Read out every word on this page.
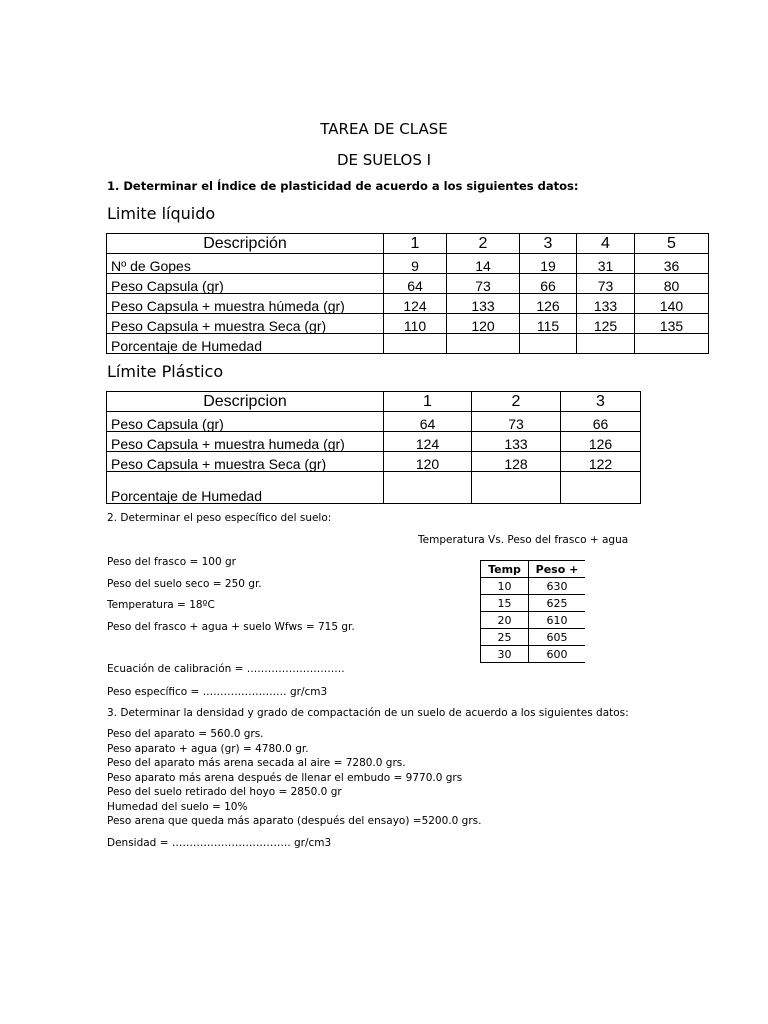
TAREA DE CLASE
DE SUELOS I
1. Determinar el Índice de plasticidad de acuerdo a los siguientes datos:
Limite líquido
Descripción	1	2	3	4	5
Nº de Gopes	9	14	19	31	36
Peso Capsula (gr)	64	73	66	73	80
Peso Capsula + muestra húmeda (gr)	124	133	126	133	140
Peso Capsula + muestra Seca (gr)	110	120	115	125	135
Porcentaje de Humedad					
Límite Plástico
Descripcion	1	2	3
Peso Capsula (gr)	64	73	66
Peso Capsula + muestra humeda (gr)	124	133	126
Peso Capsula + muestra Seca (gr)	120	128	122
Porcentaje de Humedad			
2. Determinar el peso específico del suelo:
Temperatura Vs. Peso del frasco + agua
Peso del frasco = 100 gr
Peso del suelo seco = 250 gr.
Temperatura = 18ºC
Peso del frasco + agua + suelo Wfws = 715 gr.
Ecuación de calibración = ……………………….
Peso específico = …………………… gr/cm3
Temp	Peso +
10	630
15	625
20	610
25	605
30	600
3. Determinar la densidad y grado de compactación de un suelo de acuerdo a los siguientes datos:
Peso del aparato = 560.0 grs.
Peso aparato + agua (gr) = 4780.0 gr.
Peso del aparato más arena secada al aire = 7280.0 grs.
Peso aparato más arena después de llenar el embudo = 9770.0 grs
Peso del suelo retirado del hoyo = 2850.0 gr
Humedad del suelo = 10%
Peso arena que queda más aparato (después del ensayo) =5200.0 grs.
Densidad = ……………………………. gr/cm3
